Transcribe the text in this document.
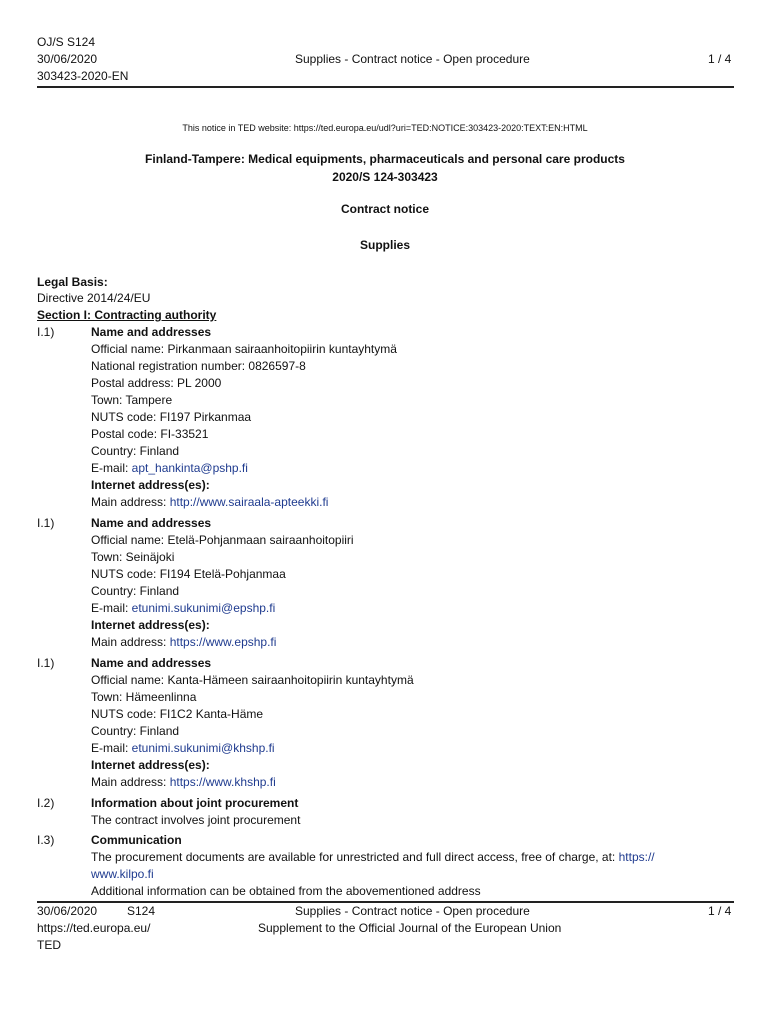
OJ/S S124
30/06/2020
303423-2020-EN
Supplies - Contract notice - Open procedure	1 / 4
This notice in TED website: https://ted.europa.eu/udl?uri=TED:NOTICE:303423-2020:TEXT:EN:HTML
Finland-Tampere: Medical equipments, pharmaceuticals and personal care products
2020/S 124-303423
Contract notice
Supplies
Legal Basis:
Directive 2014/24/EU
Section I: Contracting authority
I.1)	Name and addresses
Official name: Pirkanmaan sairaanhoitopiirin kuntayhtymä
National registration number: 0826597-8
Postal address: PL 2000
Town: Tampere
NUTS code: FI197 Pirkanmaa
Postal code: FI-33521
Country: Finland
E-mail: apt_hankinta@pshp.fi
Internet address(es):
Main address: http://www.sairaala-apteekki.fi
I.1)	Name and addresses
Official name: Etelä-Pohjanmaan sairaanhoitopiiri
Town: Seinäjoki
NUTS code: FI194 Etelä-Pohjanmaa
Country: Finland
E-mail: etunimi.sukunimi@epshp.fi
Internet address(es):
Main address: https://www.epshp.fi
I.1)	Name and addresses
Official name: Kanta-Hämeen sairaanhoitopiirin kuntayhtymä
Town: Hämeenlinna
NUTS code: FI1C2 Kanta-Häme
Country: Finland
E-mail: etunimi.sukunimi@khshp.fi
Internet address(es):
Main address: https://www.khshp.fi
I.2)	Information about joint procurement
The contract involves joint procurement
I.3)	Communication
The procurement documents are available for unrestricted and full direct access, free of charge, at: https://
www.kilpo.fi
Additional information can be obtained from the abovementioned address
30/06/2020 S124
https://ted.europa.eu/
TED
Supplies - Contract notice - Open procedure
Supplement to the Official Journal of the European Union
1 / 4
